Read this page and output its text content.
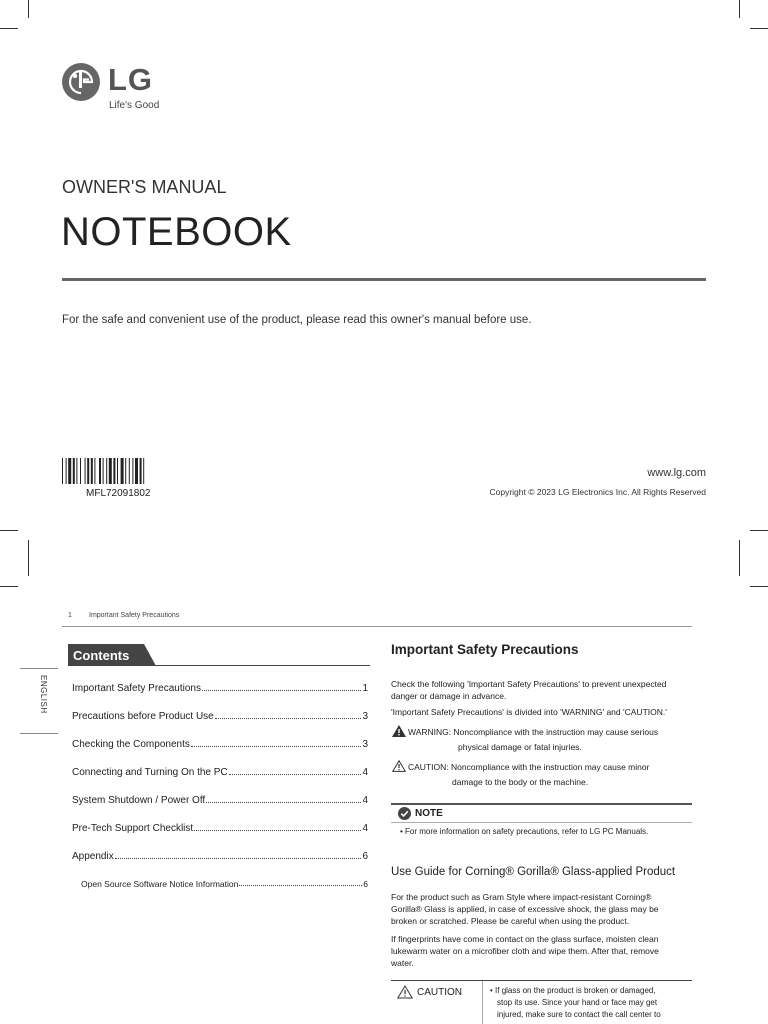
LG
Life's Good
OWNER'S MANUAL
NOTEBOOK
For the safe and convenient use of the product, please read this owner's manual before use.
MFL72091802
www.lg.com
Copyright © 2023 LG Electronics Inc. All Rights Reserved
1 Important Safety Precautions
ENGLISH
Contents
Important Safety Precautions	1
Precautions before Product Use	3
Checking the Components	3
Connecting and Turning On the PC	4
System Shutdown / Power Off	4
Pre-Tech Support Checklist	4
Appendix	6
Open Source Software Notice Information	6
Important Safety Precautions
Check the following 'Important Safety Precautions' to prevent unexpected
danger or damage in advance.
'Important Safety Precautions' is divided into 'WARNING' and 'CAUTION.'
WARNING: Noncompliance with the instruction may cause serious
physical damage or fatal injuries.
CAUTION: Noncompliance with the instruction may cause minor
damage to the body or the machine.
NOTE
• For more information on safety precautions, refer to LG PC Manuals.
Use Guide for Corning® Gorilla® Glass-applied Product
For the product such as Gram Style where impact-resistant Corning®
Gorilla® Glass is applied, in case of excessive shock, the glass may be
broken or scratched. Please be careful when using the product.
If fingerprints have come in contact on the glass surface, moisten clean
lukewarm water on a microfiber cloth and wipe them. After that, remove
water.
CAUTION	• If glass on the product is broken or damaged,
stop its use. Since your hand or face may get
injured, make sure to contact the call center to
